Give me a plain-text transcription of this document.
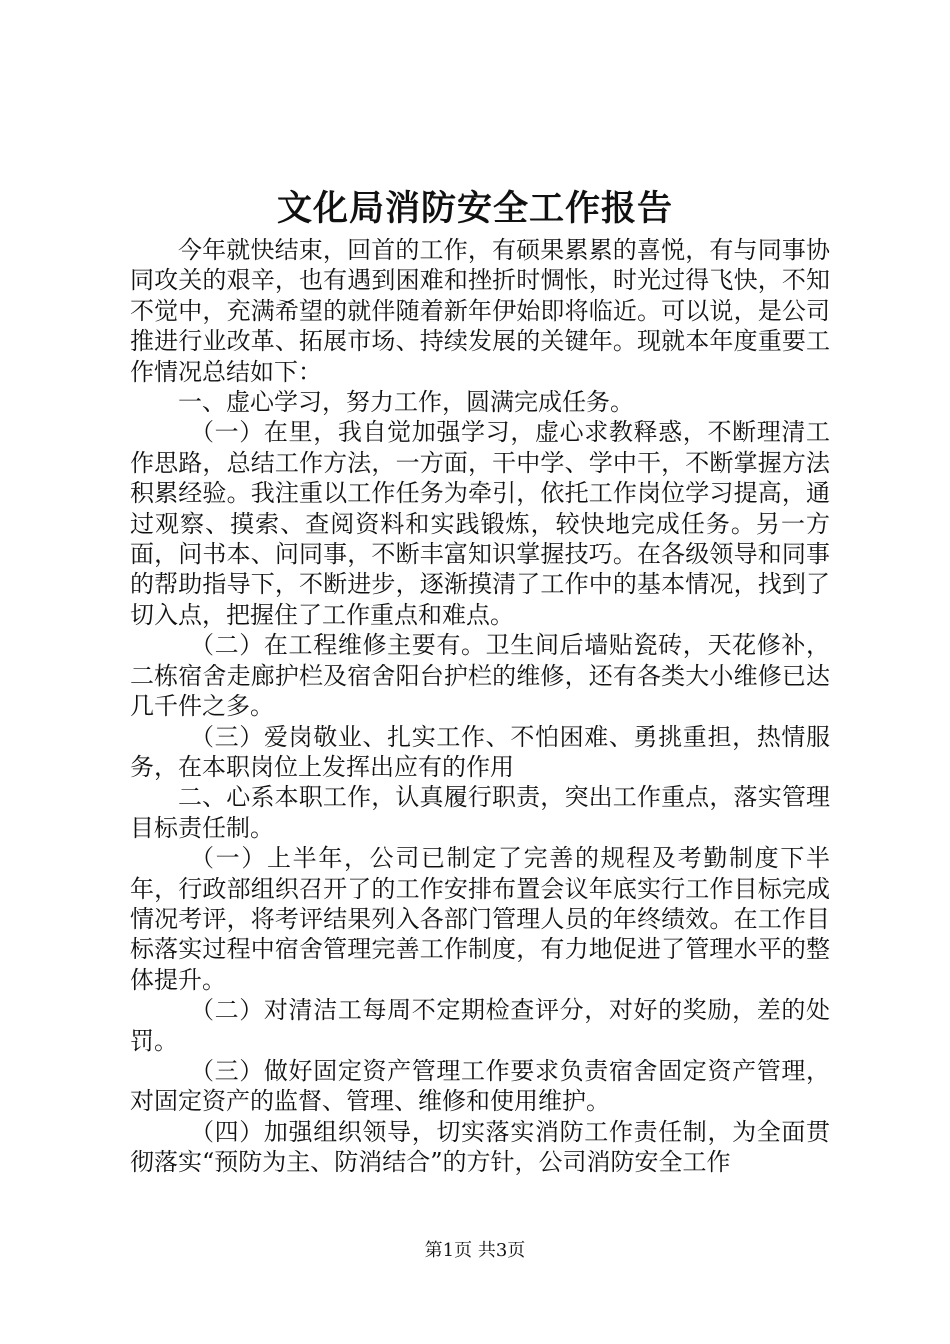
文化局消防安全工作报告

今年就快结束，回首的工作，有硕果累累的喜悦，有与同事协同攻关的艰辛，也有遇到困难和挫折时惆怅，时光过得飞快，不知不觉中，充满希望的就伴随着新年伊始即将临近。可以说，是公司推进行业改革、拓展市场、持续发展的关键年。现就本年度重要工作情况总结如下：

一、虚心学习，努力工作，圆满完成任务。

（一）在里，我自觉加强学习，虚心求教释惑，不断理清工作思路，总结工作方法，一方面，干中学、学中干，不断掌握方法积累经验。我注重以工作任务为牵引，依托工作岗位学习提高，通过观察、摸索、查阅资料和实践锻炼，较快地完成任务。另一方面，问书本、问同事，不断丰富知识掌握技巧。在各级领导和同事的帮助指导下，不断进步，逐渐摸清了工作中的基本情况，找到了切入点，把握住了工作重点和难点。

（二）在工程维修主要有。卫生间后墙贴瓷砖，天花修补，二栋宿舍走廊护栏及宿舍阳台护栏的维修，还有各类大小维修已达几千件之多。

（三）爱岗敬业、扎实工作、不怕困难、勇挑重担，热情服务，在本职岗位上发挥出应有的作用

二、心系本职工作，认真履行职责，突出工作重点，落实管理目标责任制。

（一）上半年，公司已制定了完善的规程及考勤制度下半年，行政部组织召开了的工作安排布置会议年底实行工作目标完成情况考评，将考评结果列入各部门管理人员的年终绩效。在工作目标落实过程中宿舍管理完善工作制度，有力地促进了管理水平的整体提升。

（二）对清洁工每周不定期检查评分，对好的奖励，差的处罚。

（三）做好固定资产管理工作要求负责宿舍固定资产管理，对固定资产的监督、管理、维修和使用维护。

（四）加强组织领导，切实落实消防工作责任制，为全面贯彻落实“预防为主、防消结合”的方针，公司消防安全工作

第1页 共3页
